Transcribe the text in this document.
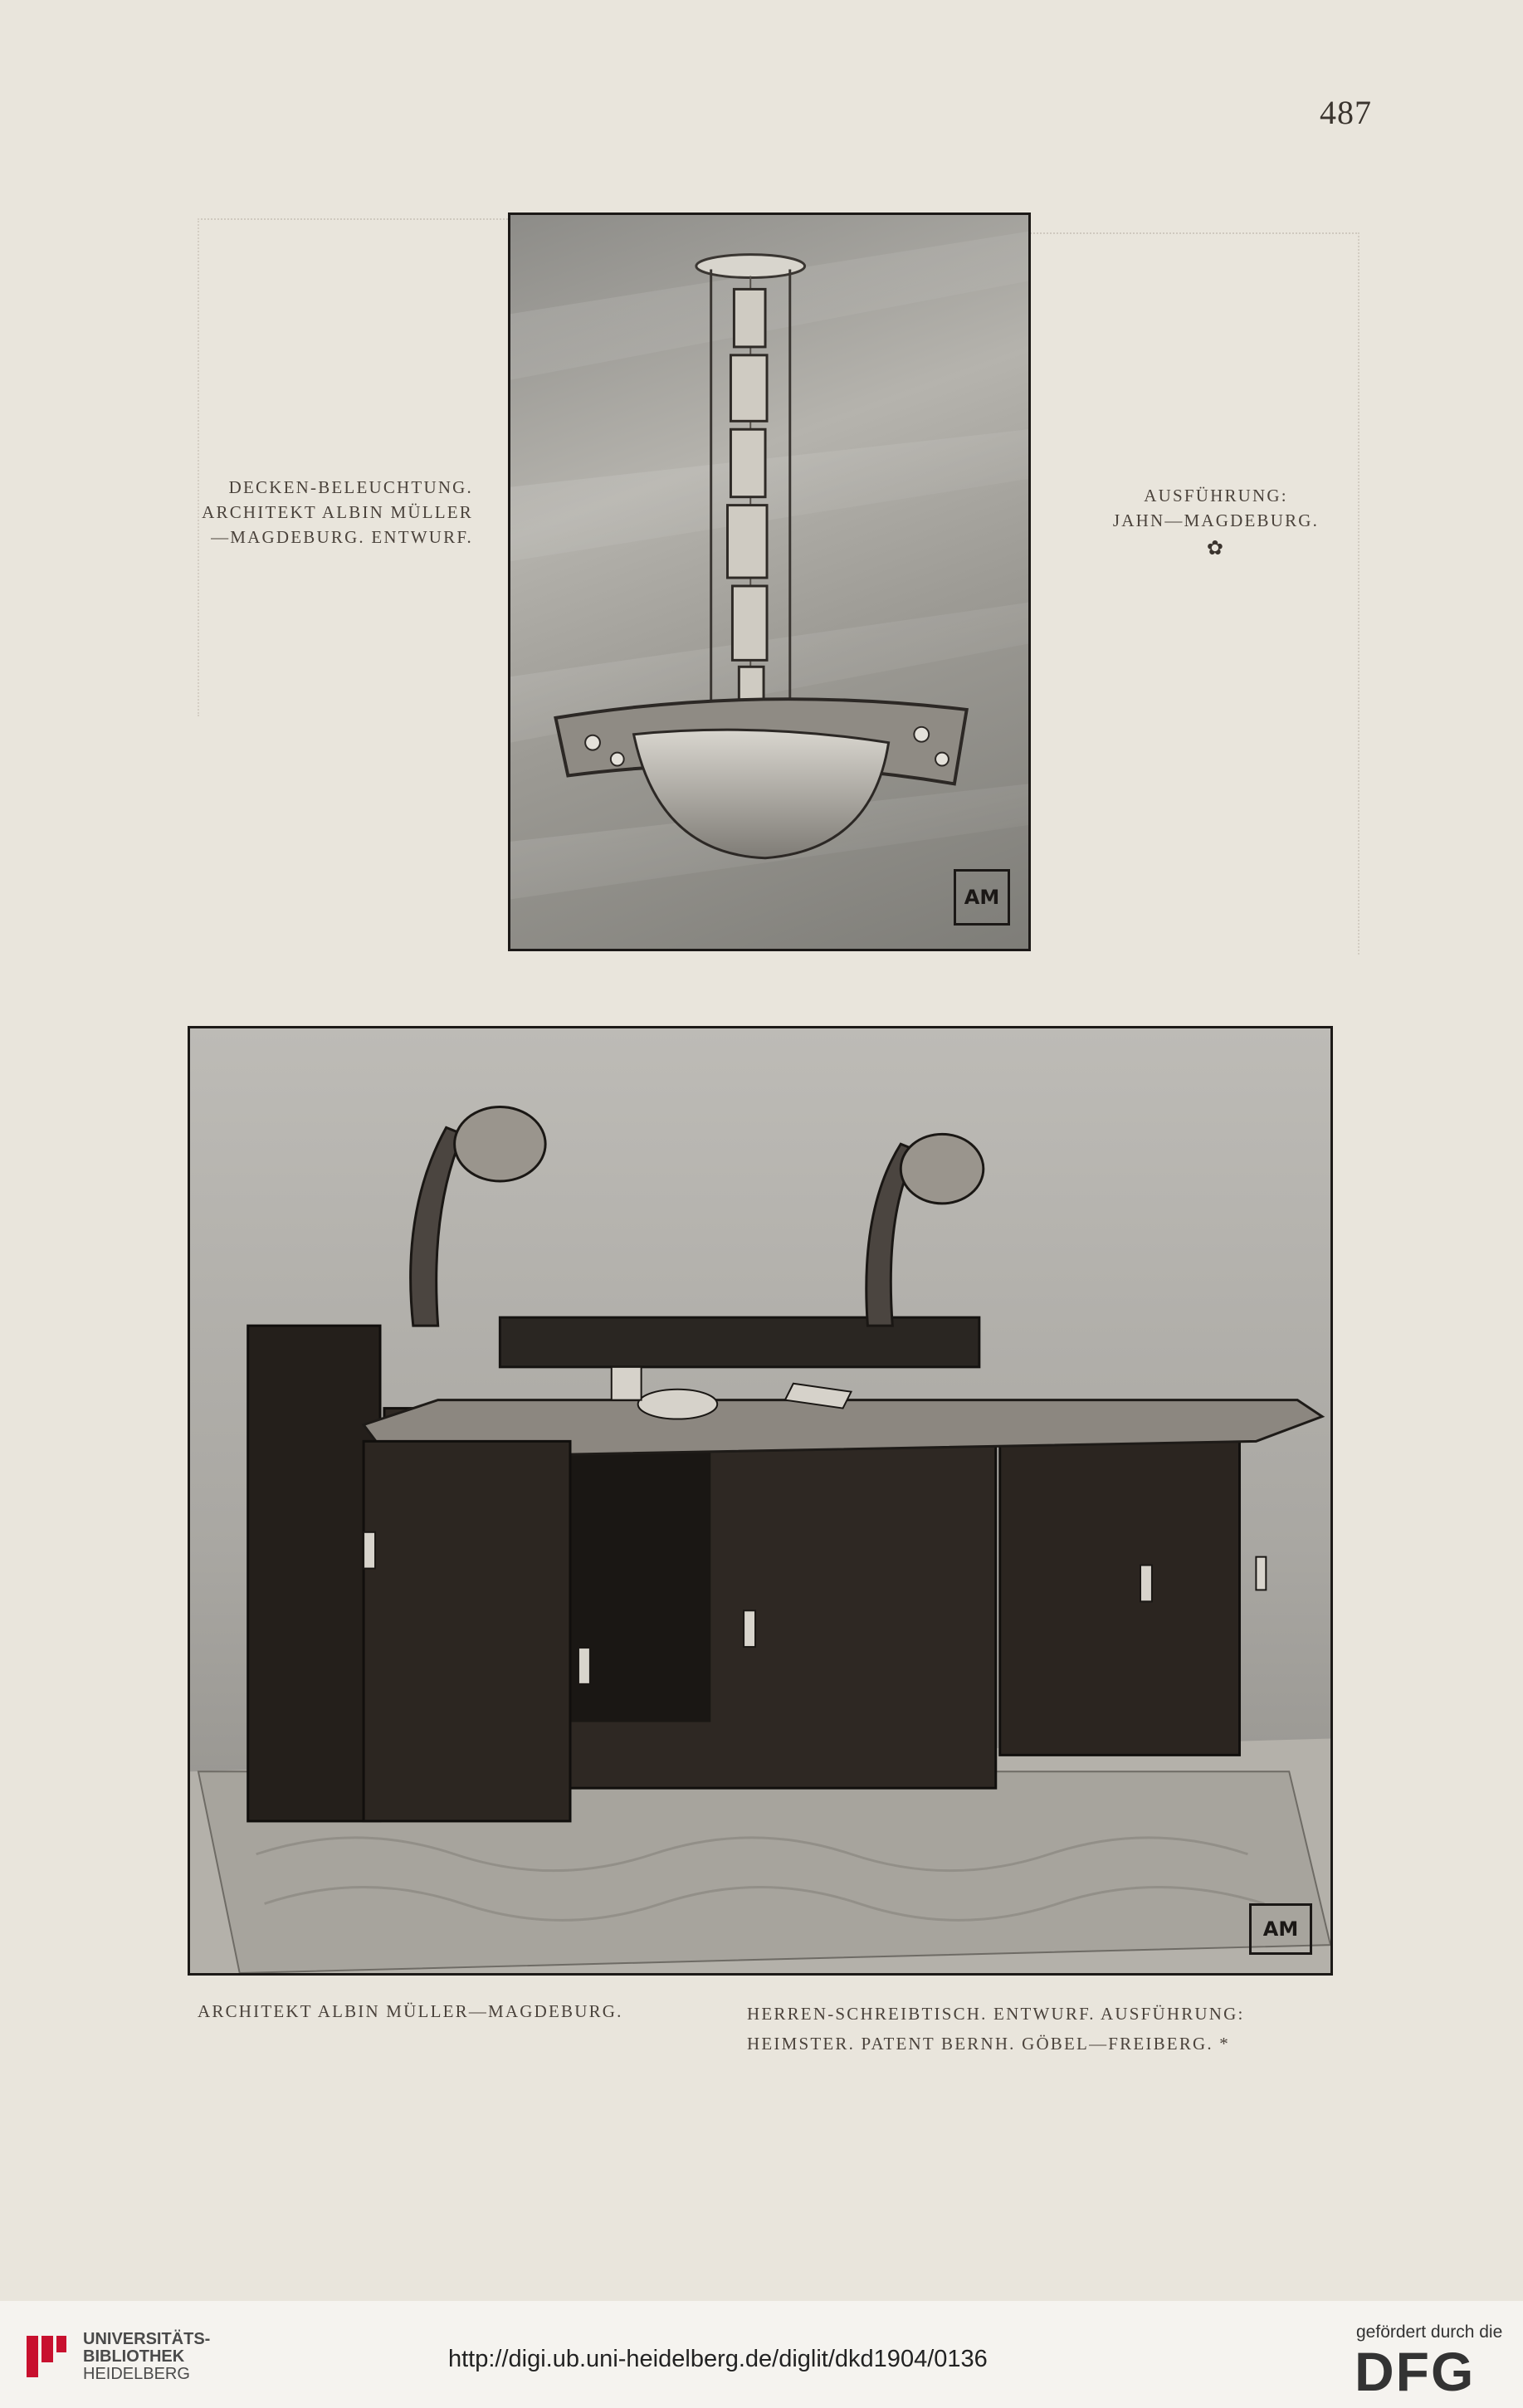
487
DECKEN-BELEUCHTUNG.
ARCHITEKT ALBIN MÜLLER
—MAGDEBURG. ENTWURF.
AUSFÜHRUNG:
JAHN—MAGDEBURG.
✿
AM
AM
ARCHITEKT ALBIN MÜLLER—MAGDEBURG.	HERREN-SCHREIBTISCH. ENTWURF. AUSFÜHRUNG:
HEIMSTER. PATENT BERNH. GÖBEL—FREIBERG. *
UNIVERSITÄTS-
BIBLIOTHEK
HEIDELBERG
http://digi.ub.uni-heidelberg.de/diglit/dkd1904/0136
gefördert durch die
DFG
